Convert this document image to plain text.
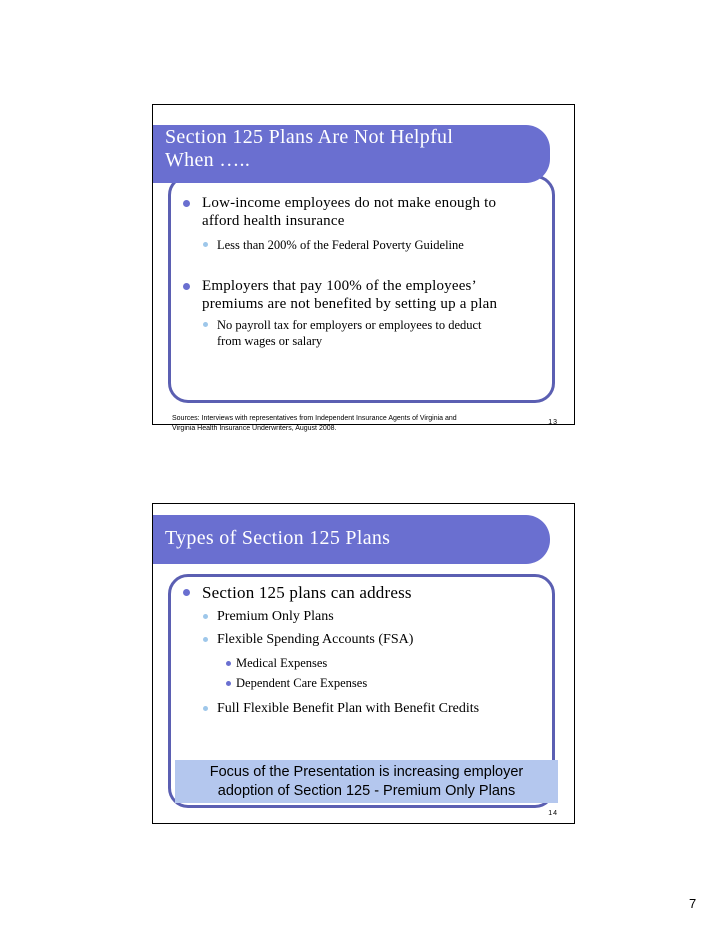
Section 125 Plans Are Not Helpful
When …..
Low-income employees do not make enough to
afford health insurance
Less than 200% of the Federal Poverty Guideline
Employers that pay 100% of the employees’
premiums are not benefited by setting up a plan
No payroll tax for employers or employees to deduct
from wages or salary
Sources: Interviews with representatives from Independent Insurance Agents of Virginia and
Virginia Health Insurance Underwriters, August 2008.
13
Types of Section 125 Plans
Section 125 plans can address
Premium Only Plans
Flexible Spending Accounts (FSA)
Medical Expenses
Dependent Care Expenses
Full Flexible Benefit Plan with Benefit Credits
Focus of the Presentation is increasing employer
adoption of Section 125 - Premium Only Plans
14
7
